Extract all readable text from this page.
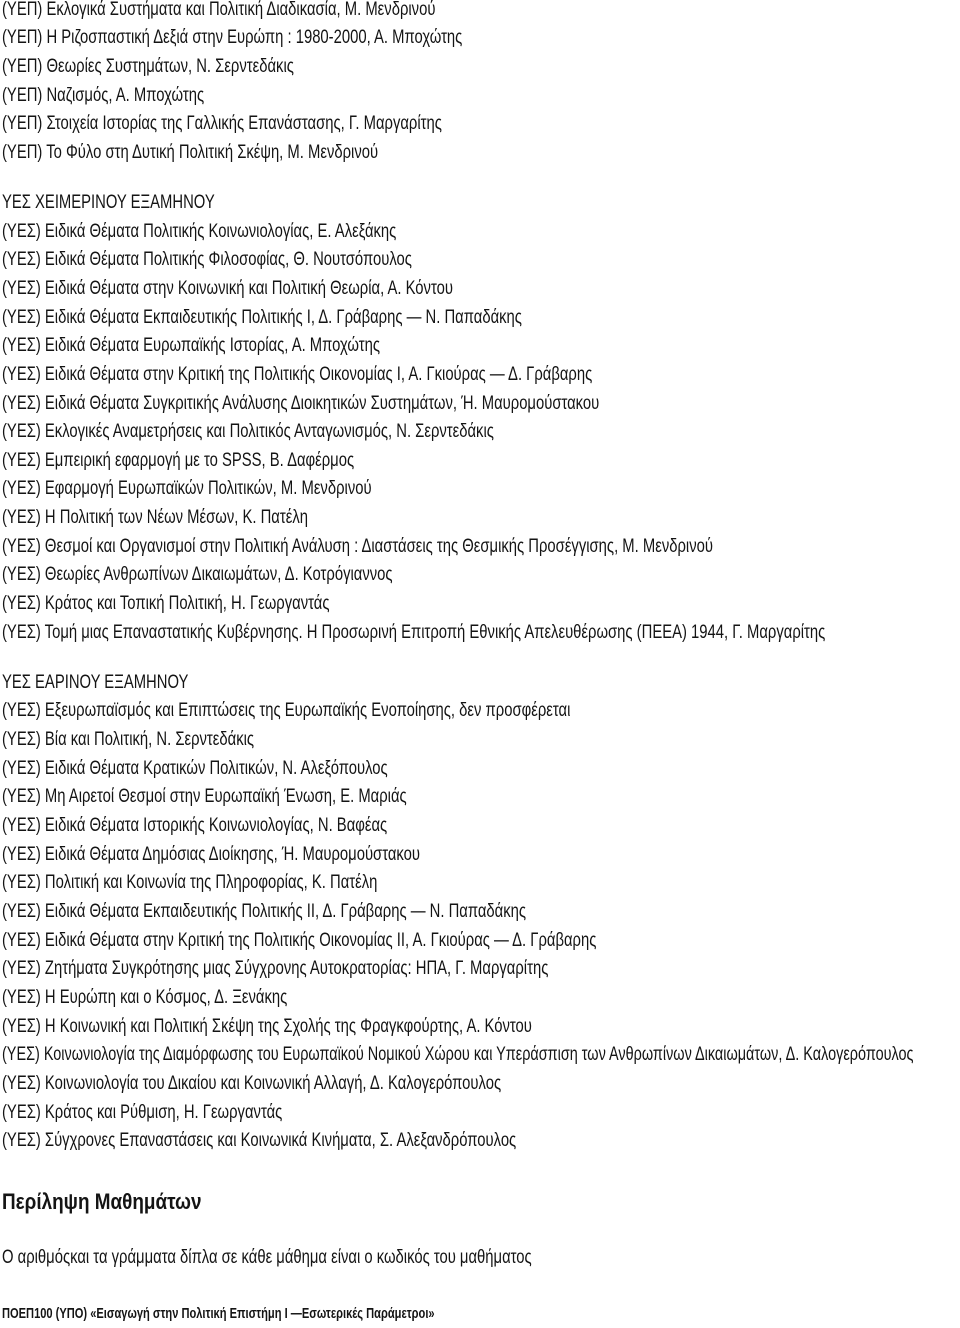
(ΥΕΠ) Εκλογικά Συστήματα και Πολιτική Διαδικασία, Μ. Μενδρινού
(ΥΕΠ) Η Ριζοσπαστική Δεξιά στην Ευρώπη : 1980-2000, Α. Μποχώτης
(ΥΕΠ) Θεωρίες Συστημάτων, Ν. Σερντεδάκις
(ΥΕΠ) Ναζισμός, Α. Μποχώτης
(ΥΕΠ) Στοιχεία Ιστορίας της Γαλλικής Επανάστασης, Γ. Μαργαρίτης
(ΥΕΠ) Το Φύλο στη Δυτική Πολιτική Σκέψη, Μ. Μενδρινού
ΥΕΣ ΧΕΙΜΕΡΙΝΟΥ ΕΞΑΜΗΝΟΥ
(ΥΕΣ) Ειδικά Θέματα Πολιτικής Κοινωνιολογίας, Ε. Αλεξάκης
(ΥΕΣ) Ειδικά Θέματα Πολιτικής Φιλοσοφίας, Θ. Νουτσόπουλος
(ΥΕΣ) Ειδικά Θέματα στην Κοινωνική και Πολιτική Θεωρία, Α. Κόντου
(ΥΕΣ) Ειδικά Θέματα Εκπαιδευτικής Πολιτικής Ι, Δ. Γράβαρης — Ν. Παπαδάκης
(ΥΕΣ) Ειδικά Θέματα Ευρωπαϊκής Ιστορίας, Α. Μποχώτης
(ΥΕΣ) Ειδικά Θέματα στην Κριτική της Πολιτικής Οικονομίας Ι, Α. Γκιούρας — Δ. Γράβαρης
(ΥΕΣ) Ειδικά Θέματα Συγκριτικής Ανάλυσης Διοικητικών Συστημάτων, Ή. Μαυρομούστακου
(ΥΕΣ) Εκλογικές Αναμετρήσεις και Πολιτικός Ανταγωνισμός, Ν. Σερντεδάκις
(ΥΕΣ) Εμπειρική εφαρμογή με το SPSS, Β. Δαφέρμος
(ΥΕΣ) Εφαρμογή Ευρωπαϊκών Πολιτικών, Μ. Μενδρινού
(ΥΕΣ) Η Πολιτική των Νέων Μέσων, Κ. Πατέλη
(ΥΕΣ) Θεσμοί και Οργανισμοί στην Πολιτική Ανάλυση : Διαστάσεις της Θεσμικής Προσέγγισης, Μ. Μενδρινού
(ΥΕΣ) Θεωρίες Ανθρωπίνων Δικαιωμάτων, Δ. Κοτρόγιαννος
(ΥΕΣ) Κράτος και Τοπική Πολιτική, Η. Γεωργαντάς
(ΥΕΣ) Τομή μιας Επαναστατικής Κυβέρνησης. Η Προσωρινή Επιτροπή Εθνικής Απελευθέρωσης (ΠΕΕΑ) 1944, Γ. Μαργαρίτης
ΥΕΣ ΕΑΡΙΝΟΥ ΕΞΑΜΗΝΟΥ
(ΥΕΣ) Εξευρωπαϊσμός και Επιπτώσεις της Ευρωπαϊκής Ενοποίησης, δεν προσφέρεται
(ΥΕΣ) Βία και Πολιτική, Ν. Σερντεδάκις
(ΥΕΣ) Ειδικά Θέματα Κρατικών Πολιτικών, Ν. Αλεξόπουλος
(ΥΕΣ) Μη Αιρετοί Θεσμοί στην Ευρωπαϊκή Ένωση, Ε. Μαριάς
(ΥΕΣ) Ειδικά Θέματα Ιστορικής Κοινωνιολογίας, Ν. Βαφέας
(ΥΕΣ) Ειδικά Θέματα Δημόσιας Διοίκησης, Ή. Μαυρομούστακου
(ΥΕΣ) Πολιτική και Κοινωνία της Πληροφορίας, Κ. Πατέλη
(ΥΕΣ) Ειδικά Θέματα Εκπαιδευτικής Πολιτικής ΙΙ, Δ. Γράβαρης — Ν. Παπαδάκης
(ΥΕΣ) Ειδικά Θέματα στην Κριτική της Πολιτικής Οικονομίας ΙΙ, Α. Γκιούρας — Δ. Γράβαρης
(ΥΕΣ) Ζητήματα Συγκρότησης μιας Σύγχρονης Αυτοκρατορίας: ΗΠΑ, Γ. Μαργαρίτης
(ΥΕΣ) Η Ευρώπη και ο Κόσμος, Δ. Ξενάκης
(ΥΕΣ) Η Κοινωνική και Πολιτική Σκέψη της Σχολής της Φραγκφούρτης, Α. Κόντου
(ΥΕΣ) Κοινωνιολογία της Διαμόρφωσης του Ευρωπαϊκού Νομικού Χώρου και Υπεράσπιση των Ανθρωπίνων Δικαιωμάτων, Δ. Καλογερόπουλος
(ΥΕΣ) Κοινωνιολογία του Δικαίου και Κοινωνική Αλλαγή, Δ. Καλογερόπουλος
(ΥΕΣ) Κράτος και Ρύθμιση, Η. Γεωργαντάς
(ΥΕΣ) Σύγχρονες Επαναστάσεις και Κοινωνικά Κινήματα, Σ. Αλεξανδρόπουλος
Περίληψη Μαθημάτων
Ο αριθμόςκαι τα γράμματα δίπλα σε κάθε μάθημα είναι ο κωδικός του μαθήματος
ΠΟΕΠ100 (ΥΠΟ) «Εισαγωγή στην Πολιτική Επιστήμη Ι —Εσωτερικές Παράμετροι»
